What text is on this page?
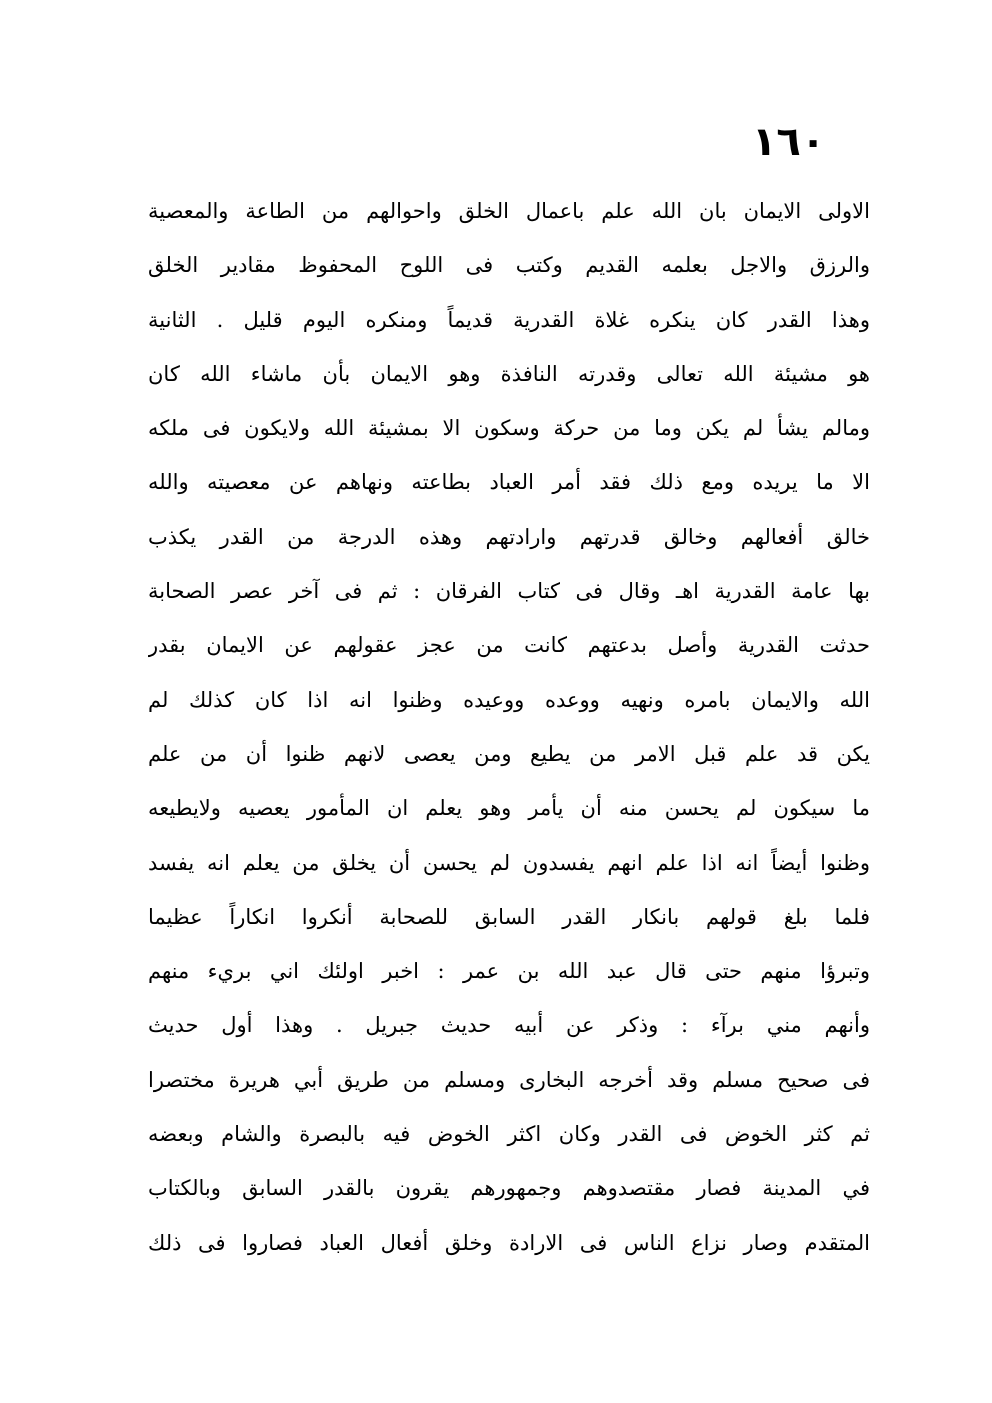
١٦٠
الاولى الايمان بان الله علم باعمال الخلق واحوالهم من الطاعة والمعصية
والرزق والاجل بعلمه القديم وكتب فى اللوح المحفوظ مقادير الخلق
وهذا القدر كان ينكره غلاة القدرية قديماً ومنكره اليوم قليل . الثانية
هو مشيئة الله تعالى وقدرته النافذة وهو الايمان بأن ماشاء الله كان
ومالم يشأ لم يكن وما من حركة وسكون الا بمشيئة الله ولايكون فى ملكه
الا ما يريده ومع ذلك فقد أمر العباد بطاعته ونهاهم عن معصيته والله
خالق أفعالهم وخالق قدرتهم وارادتهم وهذه الدرجة من القدر يكذب
بها عامة القدرية اهـ وقال فى كتاب الفرقان : ثم فى آخر عصر الصحابة
حدثت القدرية وأصل بدعتهم كانت من عجز عقولهم عن الايمان بقدر
الله والايمان بامره ونهيه ووعده ووعيده وظنوا انه اذا كان كذلك لم
يكن قد علم قبل الامر من يطيع ومن يعصى لانهم ظنوا أن من علم
ما سيكون لم يحسن منه أن يأمر وهو يعلم ان المأمور يعصيه ولايطيعه
وظنوا أيضاً انه اذا علم انهم يفسدون لم يحسن أن يخلق من يعلم انه يفسد
فلما بلغ قولهم بانكار القدر السابق للصحابة أنكروا انكاراً عظيما
وتبرؤا منهم حتى قال عبد الله بن عمر : اخبر اولئك اني بريء منهم
وأنهم مني برآء : وذكر عن أبيه حديث جبريل . وهذا أول حديث
فى صحيح مسلم وقد أخرجه البخارى ومسلم من طريق أبي هريرة مختصرا
ثم كثر الخوض فى القدر وكان اكثر الخوض فيه بالبصرة والشام وبعضه
في المدينة فصار مقتصدوهم وجمهورهم يقرون بالقدر السابق وبالكتاب
المتقدم وصار نزاع الناس فى الارادة وخلق أفعال العباد فصاروا فى ذلك
